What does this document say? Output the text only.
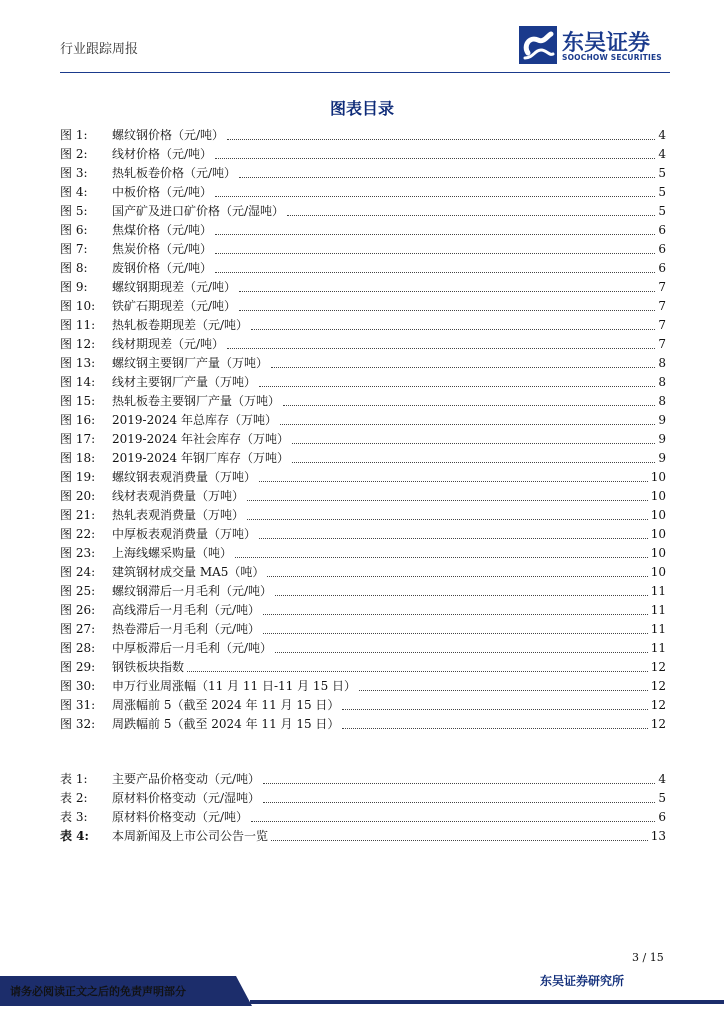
行业跟踪周报	东吴证券
SOOCHOW SECURITIES
图表目录
图 1:	螺纹钢价格（元/吨）	4
图 2:	线材价格（元/吨）	4
图 3:	热轧板卷价格（元/吨）	5
图 4:	中板价格（元/吨）	5
图 5:	国产矿及进口矿价格（元/湿吨）	5
图 6:	焦煤价格（元/吨）	6
图 7:	焦炭价格（元/吨）	6
图 8:	废钢价格（元/吨）	6
图 9:	螺纹钢期现差（元/吨）	7
图 10:	铁矿石期现差（元/吨）	7
图 11:	热轧板卷期现差（元/吨）	7
图 12:	线材期现差（元/吨）	7
图 13:	螺纹钢主要钢厂产量（万吨）	8
图 14:	线材主要钢厂产量（万吨）	8
图 15:	热轧板卷主要钢厂产量（万吨）	8
图 16:	2019-2024 年总库存（万吨）	9
图 17:	2019-2024 年社会库存（万吨）	9
图 18:	2019-2024 年钢厂库存（万吨）	9
图 19:	螺纹钢表观消费量（万吨）	10
图 20:	线材表观消费量（万吨）	10
图 21:	热轧表观消费量（万吨）	10
图 22:	中厚板表观消费量（万吨）	10
图 23:	上海线螺采购量（吨）	10
图 24:	建筑钢材成交量 MA5（吨）	10
图 25:	螺纹钢滞后一月毛利（元/吨）	11
图 26:	高线滞后一月毛利（元/吨）	11
图 27:	热卷滞后一月毛利（元/吨）	11
图 28:	中厚板滞后一月毛利（元/吨）	11
图 29:	钢铁板块指数	12
图 30:	申万行业周涨幅（11 月 11 日-11 月 15 日）	12
图 31:	周涨幅前 5（截至 2024 年 11 月 15 日）	12
图 32:	周跌幅前 5（截至 2024 年 11 月 15 日）	12
表 1:	主要产品价格变动（元/吨）	4
表 2:	原材料价格变动（元/湿吨）	5
表 3:	原材料价格变动（元/吨）	6
表 4:	本周新闻及上市公司公告一览	13
3 / 15
东吴证券研究所
请务必阅读正文之后的免责声明部分
